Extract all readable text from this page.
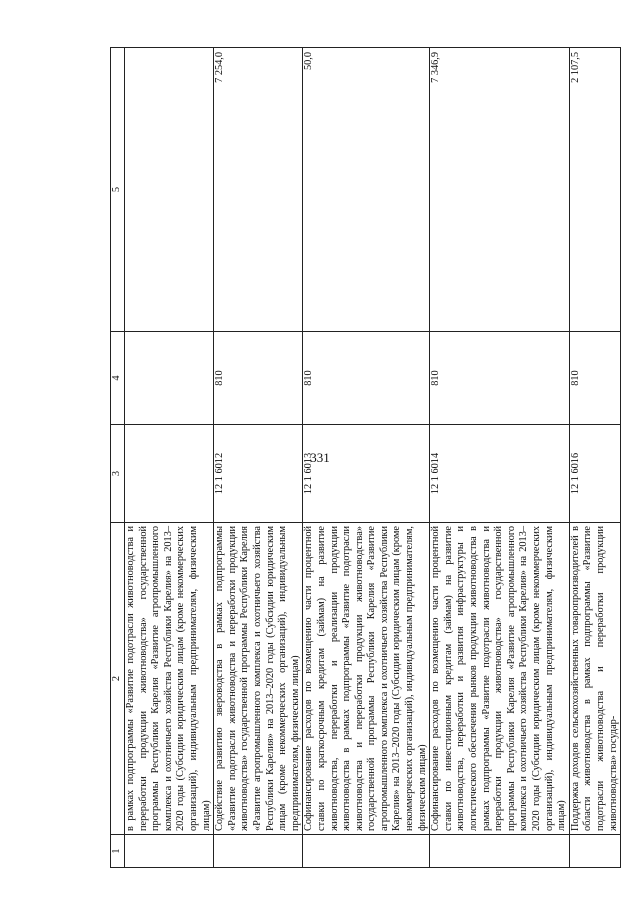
331
1	2	3	4	5
	в рамках подпрограммы «Развитие подотрасли животноводства и переработки продукции животноводства» государственной программы Республики Карелия «Развитие агропромышленного комплекса и охотничьего хозяйства Республики Карелия» на 2013–2020 годы (Субсидии юридическим лицам (кроме некоммерческих организаций), индивидуальным предпринимателям, физическим лицам)			
	Содействие развитию звероводства в рамках подпрограммы «Развитие подотрасли животноводства и переработки продукции животноводства» государственной программы Республики Карелия «Развитие агропромышленного комплекса и охотничьего хозяйства Республики Карелия» на 2013–2020 годы (Субсидии юридическим лицам (кроме некоммерческих организаций), индивидуальным предпринимателям, физическим лицам)	12 1 6012	810	7 254,0
	Софинансирование расходов по возмещению части процентной ставки по краткосрочным кредитам (займам) на развитие животноводства, переработки и реализации продукции животноводства в рамках подпрограммы «Развитие подотрасли животноводства и переработки продукции животноводства» государственной программы Республики Карелия «Развитие агропромышленного комплекса и охотничьего хозяйства Республики Карелия» на 2013–2020 годы (Субсидии юридическим лицам (кроме некоммерческих организаций), индивидуальным предпринимателям, физическим лицам)	12 1 6013	810	50,0
	Софинансирование расходов по возмещению части процентной ставки по инвестиционным кредитам (займам) на развитие животноводства, переработки и развития инфраструктуры и логистического обеспечения рынков продукции животноводства в рамках подпрограммы «Развитие подотрасли животноводства и переработки продукции животноводства» государственной программы Республики Карелия «Развитие агропромышленного комплекса и охотничьего хозяйства Республики Карелия» на 2013–2020 годы (Субсидии юридическим лицам (кроме некоммерческих организаций), индивидуальным предпринимателям, физическим лицам)	12 1 6014	810	7 346,9
	Поддержка доходов сельскохозяйственных товаропроизводителей в области животноводства в рамках подпрограммы «Развитие подотрасли животноводства и переработки продукции животноводства» государ-	12 1 6016	810	2 107,5
